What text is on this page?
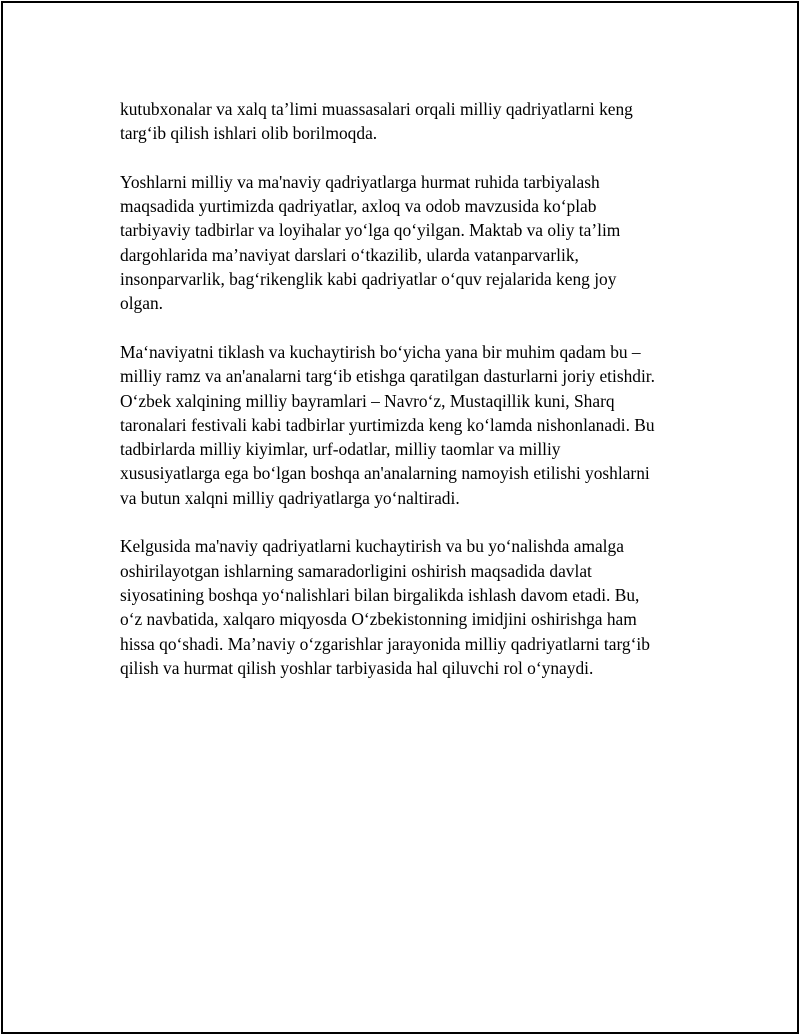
kutubxonalar va xalq ta’limi muassasalari orqali milliy qadriyatlarni keng
targ‘ib qilish ishlari olib borilmoqda.

Yoshlarni milliy va ma'naviy qadriyatlarga hurmat ruhida tarbiyalash
maqsadida yurtimizda qadriyatlar, axloq va odob mavzusida ko‘plab
tarbiyaviy tadbirlar va loyihalar yo‘lga qo‘yilgan. Maktab va oliy ta’lim
dargohlarida ma’naviyat darslari o‘tkazilib, ularda vatanparvarlik,
insonparvarlik, bag‘rikenglik kabi qadriyatlar o‘quv rejalarida keng joy
olgan.

Ma‘naviyatni tiklash va kuchaytirish bo‘yicha yana bir muhim qadam bu –
milliy ramz va an'analarni targ‘ib etishga qaratilgan dasturlarni joriy etishdir.
O‘zbek xalqining milliy bayramlari – Navro‘z, Mustaqillik kuni, Sharq
taronalari festivali kabi tadbirlar yurtimizda keng ko‘lamda nishonlanadi. Bu
tadbirlarda milliy kiyimlar, urf-odatlar, milliy taomlar va milliy
xususiyatlarga ega bo‘lgan boshqa an'analarning namoyish etilishi yoshlarni
va butun xalqni milliy qadriyatlarga yo‘naltiradi.

Kelgusida ma'naviy qadriyatlarni kuchaytirish va bu yo‘nalishda amalga
oshirilayotgan ishlarning samaradorligini oshirish maqsadida davlat
siyosatining boshqa yo‘nalishlari bilan birgalikda ishlash davom etadi. Bu,
o‘z navbatida, xalqaro miqyosda O‘zbekistonning imidjini oshirishga ham
hissa qo‘shadi. Ma’naviy o‘zgarishlar jarayonida milliy qadriyatlarni targ‘ib
qilish va hurmat qilish yoshlar tarbiyasida hal qiluvchi rol o‘ynaydi.
